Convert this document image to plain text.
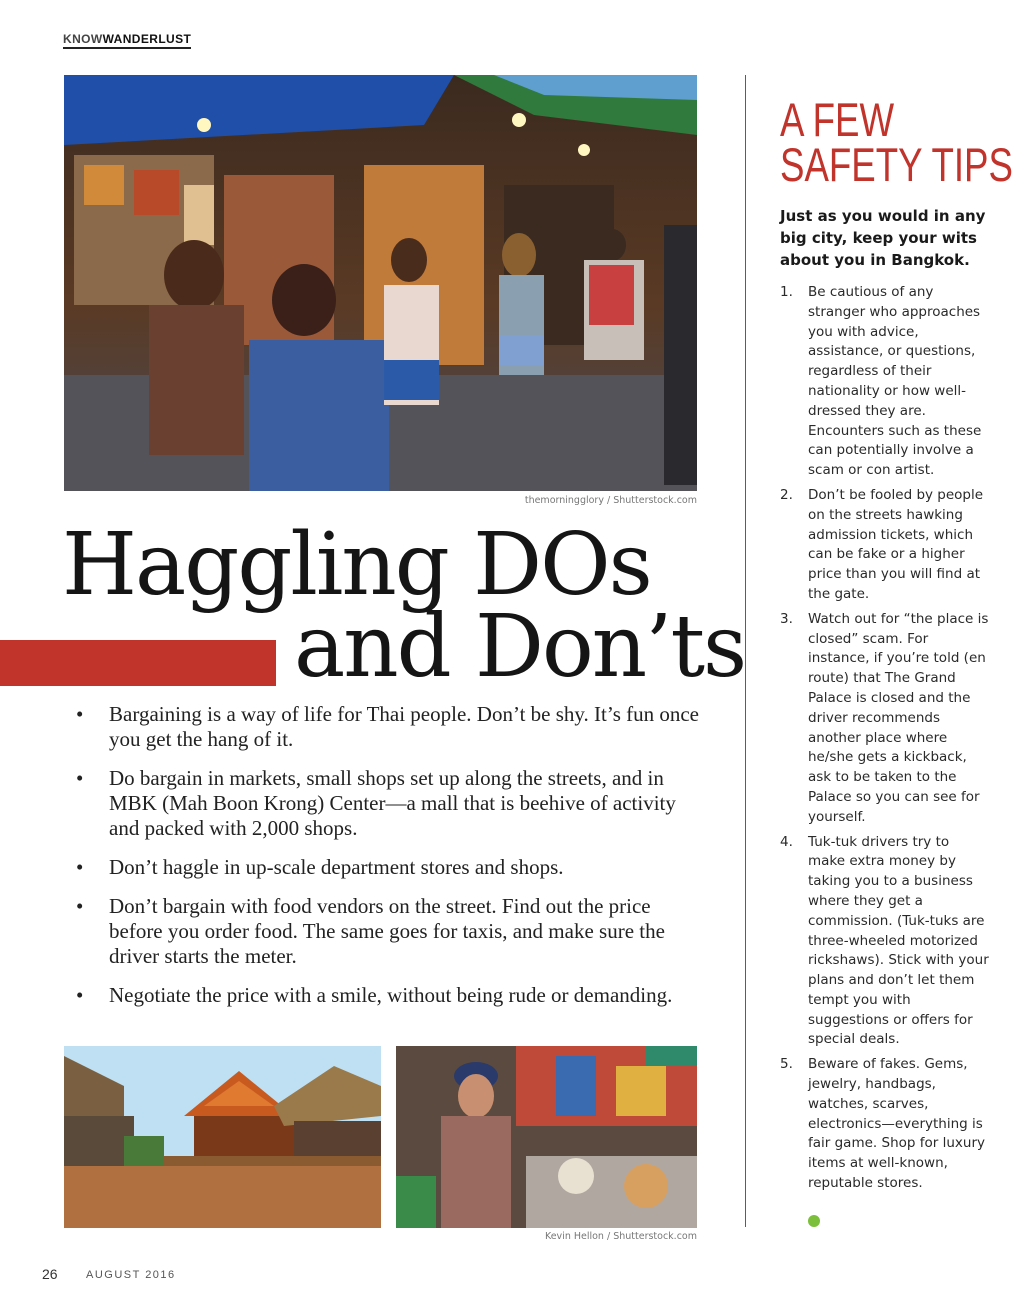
KNOWWANDERLUST
themorningglory / Shutterstock.com
Haggling DOs
and Don’ts
• Bargaining is a way of life for Thai people. Don’t be shy. It’s fun once you get the hang of it.
• Do bargain in markets, small shops set up along the streets, and in MBK (Mah Boon Krong) Center—a mall that is beehive of activity and packed with 2,000 shops.
• Don’t haggle in up-scale department stores and shops.
• Don’t bargain with food vendors on the street. Find out the price before you order food. The same goes for taxis, and make sure the driver starts the meter.
• Negotiate the price with a smile, without being rude or demanding.
Kevin Hellon / Shutterstock.com
A FEW
SAFETY TIPS
Just as you would in any big city, keep your wits about you in Bangkok.
1. Be cautious of any stranger who approaches you with advice, assistance, or questions, regardless of their nationality or how well-dressed they are. Encounters such as these can potentially involve a scam or con artist.
2. Don’t be fooled by people on the streets hawking admission tickets, which can be fake or a higher price than you will find at the gate.
3. Watch out for “the place is closed” scam. For instance, if you’re told (en route) that The Grand Palace is closed and the driver recommends another place where he/she gets a kickback, ask to be taken to the Palace so you can see for yourself.
4. Tuk-tuk drivers try to make extra money by taking you to a business where they get a commission. (Tuk-tuks are three-wheeled motorized rickshaws). Stick with your plans and don’t let them tempt you with suggestions or offers for special deals.
5. Beware of fakes. Gems, jewelry, handbags, watches, scarves, electronics—everything is fair game. Shop for luxury items at well-known, reputable stores.
26	AUGUST 2016
